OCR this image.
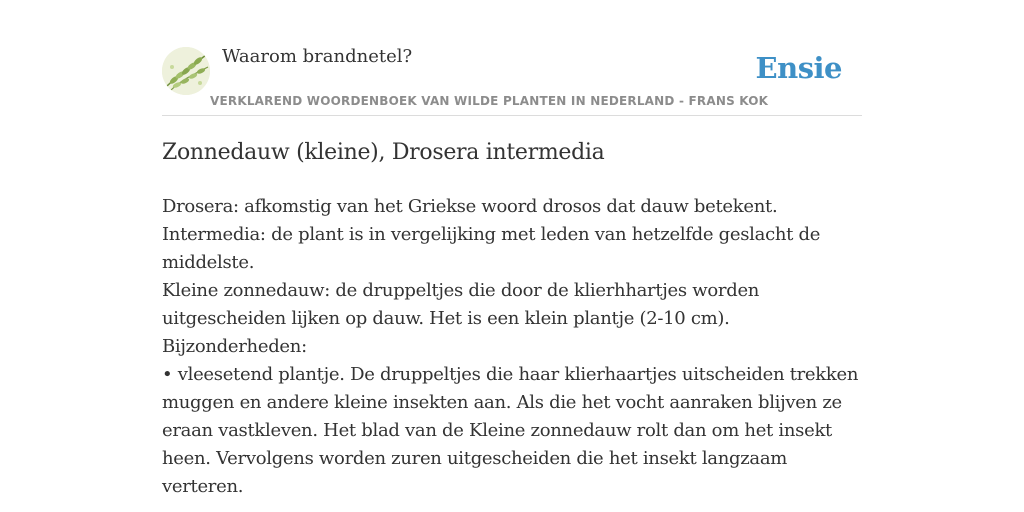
Waarom brandnetel?	Ensie
VERKLAREND WOORDENBOEK VAN WILDE PLANTEN IN NEDERLAND - FRANS KOK
Zonnedauw (kleine), Drosera intermedia

Drosera: afkomstig van het Griekse woord drosos dat dauw betekent.

Intermedia: de plant is in vergelijking met leden van hetzelfde geslacht de middelste.

Kleine zonnedauw: de druppeltjes die door de klierhhartjes worden uitgescheiden lijken op dauw. Het is een klein plantje (2-10 cm).

Bijzonderheden:

• vleesetend plantje. De druppeltjes die haar klierhaartjes uitscheiden trekken muggen en andere kleine insekten aan. Als die het vocht aanraken blijven ze eraan vastkleven. Het blad van de Kleine zonnedauw rolt dan om het insekt heen. Vervolgens worden zuren uitgescheiden die het insekt langzaam verteren.
